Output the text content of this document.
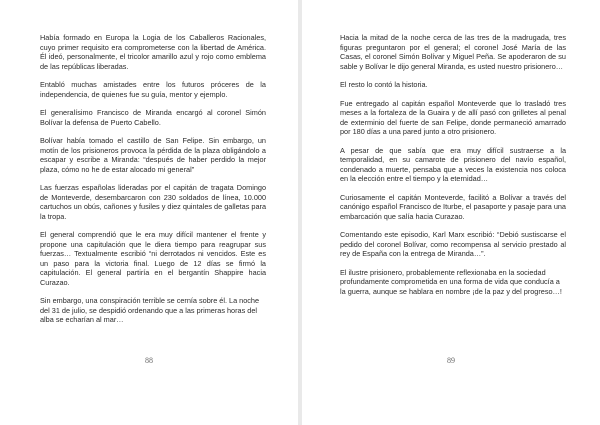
Había formado en Europa la Logia de los Caballeros Racionales, cuyo primer requisito era comprometerse con la libertad de América. Él ideó, personalmente, el tricolor amarillo azul y rojo como emblema de las repúblicas liberadas.

Entabló muchas amistades entre los futuros próceres de la independencia, de quienes fue su guía, mentor y ejemplo.

El generalísimo Francisco de Miranda encargó al coronel Simón Bolívar la defensa de Puerto Cabello.

Bolívar había tomado el castillo de San Felipe. Sin embargo, un motín de los prisioneros provoca la pérdida de la plaza obligándolo a escapar y escribe a Miranda: “después de haber perdido la mejor plaza, cómo no he de estar alocado mi general”

Las fuerzas españolas lideradas por el capitán de tragata Domingo de Monteverde, desembarcaron con 230 soldados de línea, 10.000 cartuchos un obús, cañones y fusiles y diez quintales de galletas para la tropa.

El general comprendió que le era muy difícil mantener el frente y propone una capitulación que le diera tiempo para reagrupar sus fuerzas… Textualmente escribió “ni derrotados ni vencidos. Este es un paso para la victoria final. Luego de 12 días se firmó la capitulación. El general partiría en el bergantín Shappire hacia Curazao.

Sin embargo, una conspiración terrible se cernía sobre él. La noche del 31 de julio, se despidió ordenando que a las primeras horas del alba se echarían al mar…

88

Hacia la mitad de la noche cerca de las tres de la madrugada, tres figuras preguntaron por el general; el coronel José María de las Casas, el coronel Simón Bolívar y Miguel Peña. Se apoderaron de su sable y Bolívar le dijo general Miranda, es usted nuestro prisionero…

El resto lo contó la historia.

Fue entregado al capitán español Monteverde que lo trasladó tres meses a la fortaleza de la Guaira y de allí pasó con grilletes al penal de exterminio del fuerte de san Felipe, donde permaneció amarrado por 180 días a una pared junto a otro prisionero.

A pesar de que sabía que era muy difícil sustraerse a la temporalidad, en su camarote de prisionero del navío español, condenado a muerte, pensaba que a veces la existencia nos coloca en la elección entre el tiempo y la eternidad…

Curiosamente el capitán Monteverde, facilitó a Bolívar a través del canónigo español Francisco de Iturbe, el pasaporte y pasaje para una embarcación que salía hacia Curazao.

Comentando este episodio, Karl Marx escribió: “Debió sustiscarse el pedido del coronel Bolívar, como recompensa al servicio prestado al rey de España con la entrega de Miranda…”.

El ilustre prisionero, probablemente reflexionaba en la sociedad profundamente comprometida en una forma de vida que conducía a la guerra, aunque se hablara en nombre ¡de la paz y del progreso…!

89
